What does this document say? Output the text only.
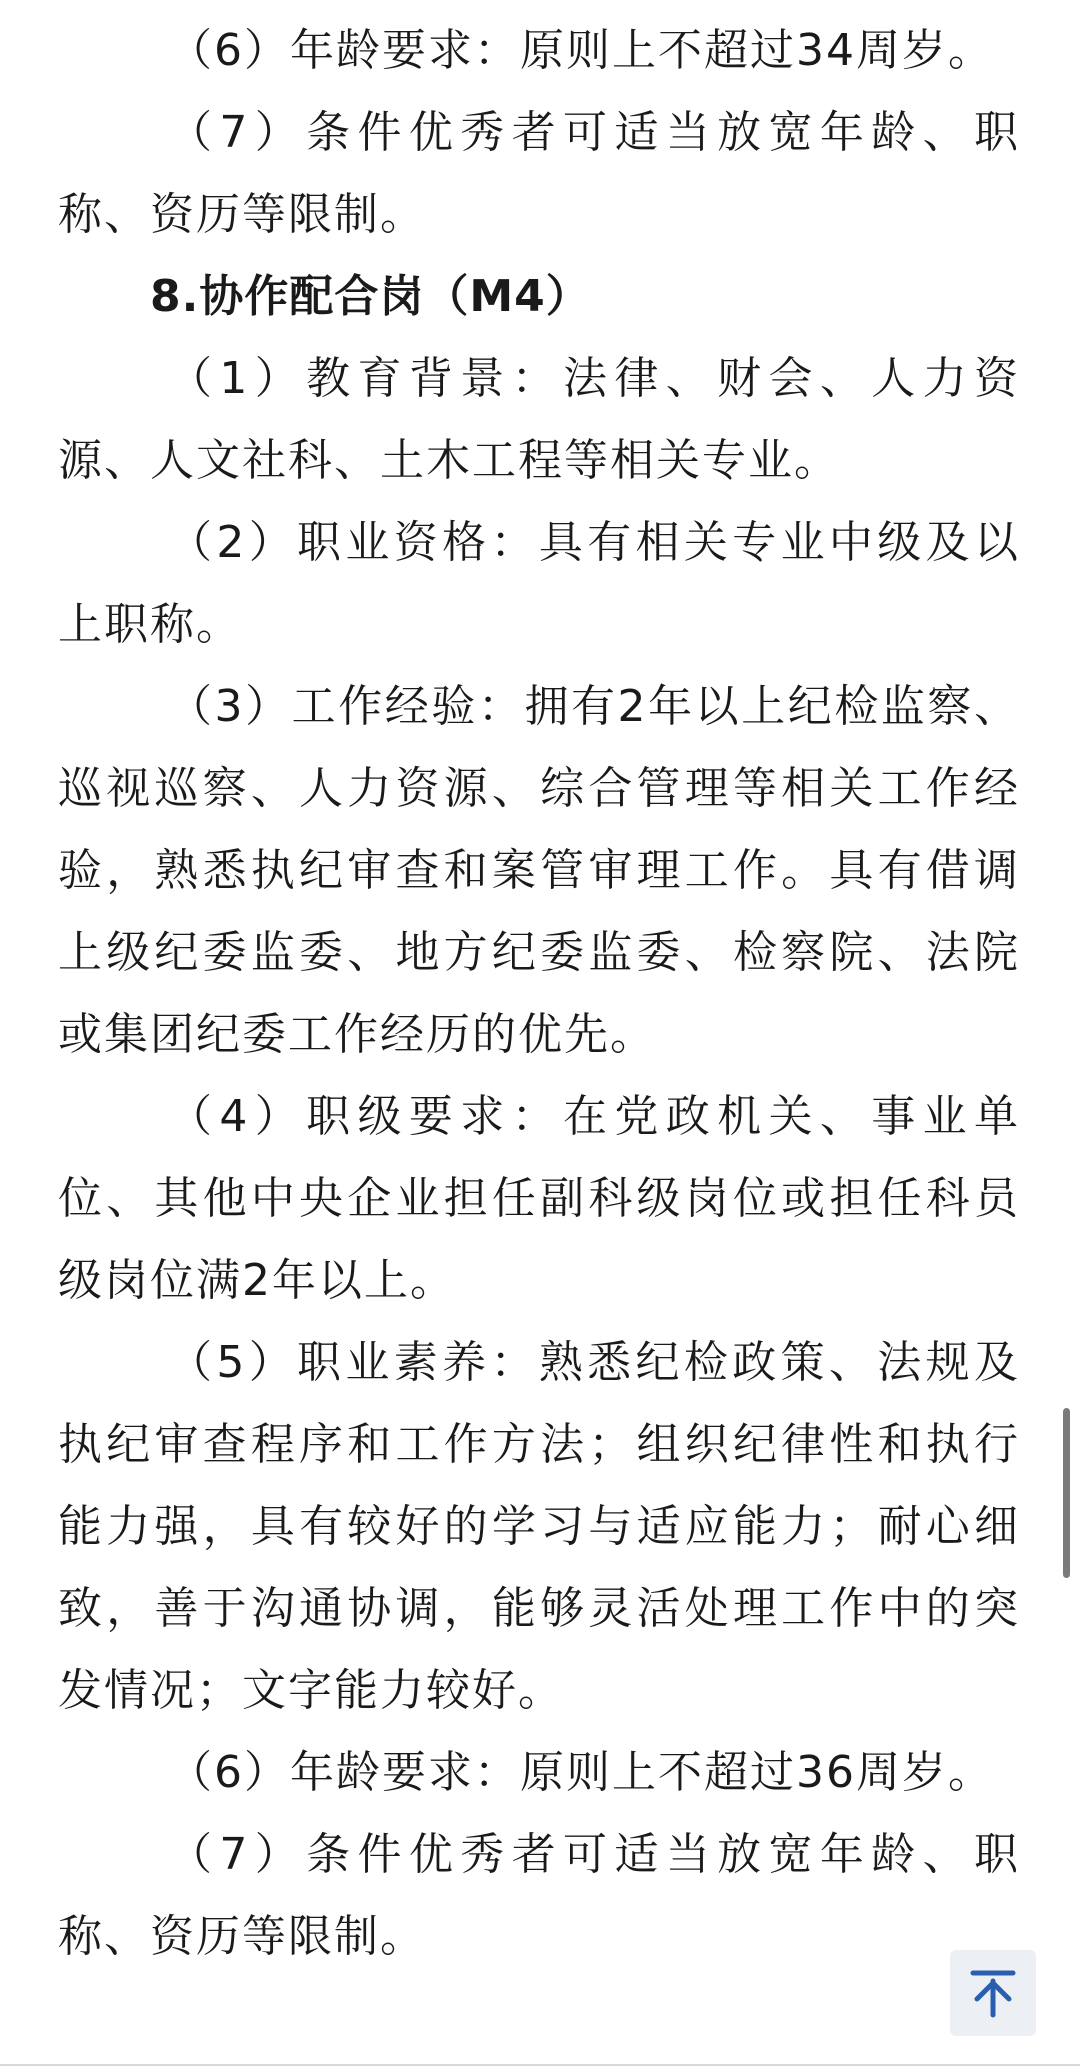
（6）年龄要求：原则上不超过34周岁。

（7）条件优秀者可适当放宽年龄、职称、资历等限制。

8.协作配合岗（M4）

（1）教育背景：法律、财会、人力资源、人文社科、土木工程等相关专业。

（2）职业资格：具有相关专业中级及以上职称。

（3）工作经验：拥有2年以上纪检监察、巡视巡察、人力资源、综合管理等相关工作经验，熟悉执纪审查和案管审理工作。具有借调上级纪委监委、地方纪委监委、检察院、法院或集团纪委工作经历的优先。

（4）职级要求：在党政机关、事业单位、其他中央企业担任副科级岗位或担任科员级岗位满2年以上。

（5）职业素养：熟悉纪检政策、法规及执纪审查程序和工作方法；组织纪律性和执行能力强，具有较好的学习与适应能力；耐心细致，善于沟通协调，能够灵活处理工作中的突发情况；文字能力较好。

（6）年龄要求：原则上不超过36周岁。

（7）条件优秀者可适当放宽年龄、职称、资历等限制。
